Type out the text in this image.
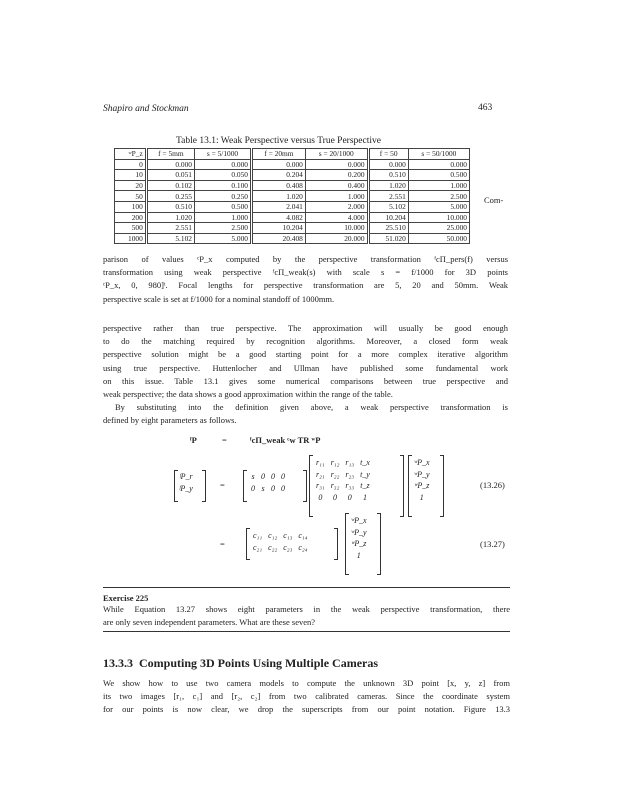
Shapiro and Stockman	463
Table 13.1: Weak Perspective versus True Perspective
ʷP_z	f = 5mm	s = 5/1000	f = 20mm	s = 20/1000	f = 50	s = 50/1000
0	0.000	0.000	0.000	0.000	0.000	0.000
10	0.051	0.050	0.204	0.200	0.510	0.500
20	0.102	0.100	0.408	0.400	1.020	1.000
50	0.255	0.250	1.020	1.000	2.551	2.500
100	0.510	0.500	2.041	2.000	5.102	5.000
200	1.020	1.000	4.082	4.000	10.204	10.000
500	2.551	2.500	10.204	10.000	25.510	25.000
1000	5.102	5.000	20.408	20.000	51.020	50.000
Com-
parison of values ᶜP_x computed by the perspective transformation ᶠcΠ_pers(f) versus
transformation using weak perspective ᶠcΠ_weak(s) with scale s = f/1000 for 3D points
ᶜP_x, 0, 980]ᵗ. Focal lengths for perspective transformation are 5, 20 and 50mm. Weak
perspective scale is set at f/1000 for a nominal standoff of 1000mm.
perspective rather than true perspective. The approximation will usually be good enough
to do the matching required by recognition algorithms. Moreover, a closed form weak
perspective solution might be a good starting point for a more complex iterative algorithm
using true perspective. Huttenlocher and Ullman have published some fundamental work
on this issue. Table 13.1 gives some numerical comparisons between true perspective and
weak perspective; the data shows a good approximation within the range of the table.
By substituting into the definition given above, a weak perspective transformation is
defined by eight parameters as follows.
ᶠP	=	ᶠcΠ_weak ᶜw TR ʷP
ᶠP_r
ᶠP_y	=
s	0	0	0
0	s	0	0
r₁₁	r₁₂	r₁₃	t_x
r₂₁	r₂₂	r₂₃	t_y
r₃₁	r₃₂	r₃₃	t_z
0	0	0	1
ʷP_x
ʷP_y
ʷP_z
1
(13.26)
=
c₁₁	c₁₂	c₁₃	c₁₄
c₂₁	c₂₂	c₂₃	c₂₄
ʷP_x
ʷP_y
ʷP_z
1
(13.27)
Exercise 225
While Equation 13.27 shows eight parameters in the weak perspective transformation, there
are only seven independent parameters. What are these seven?
13.3.3 Computing 3D Points Using Multiple Cameras
We show how to use two camera models to compute the unknown 3D point [x, y, z] from
its two images [r₁, c₁] and [r₂, c₂] from two calibrated cameras. Since the coordinate system
for our points is now clear, we drop the superscripts from our point notation. Figure 13.3
